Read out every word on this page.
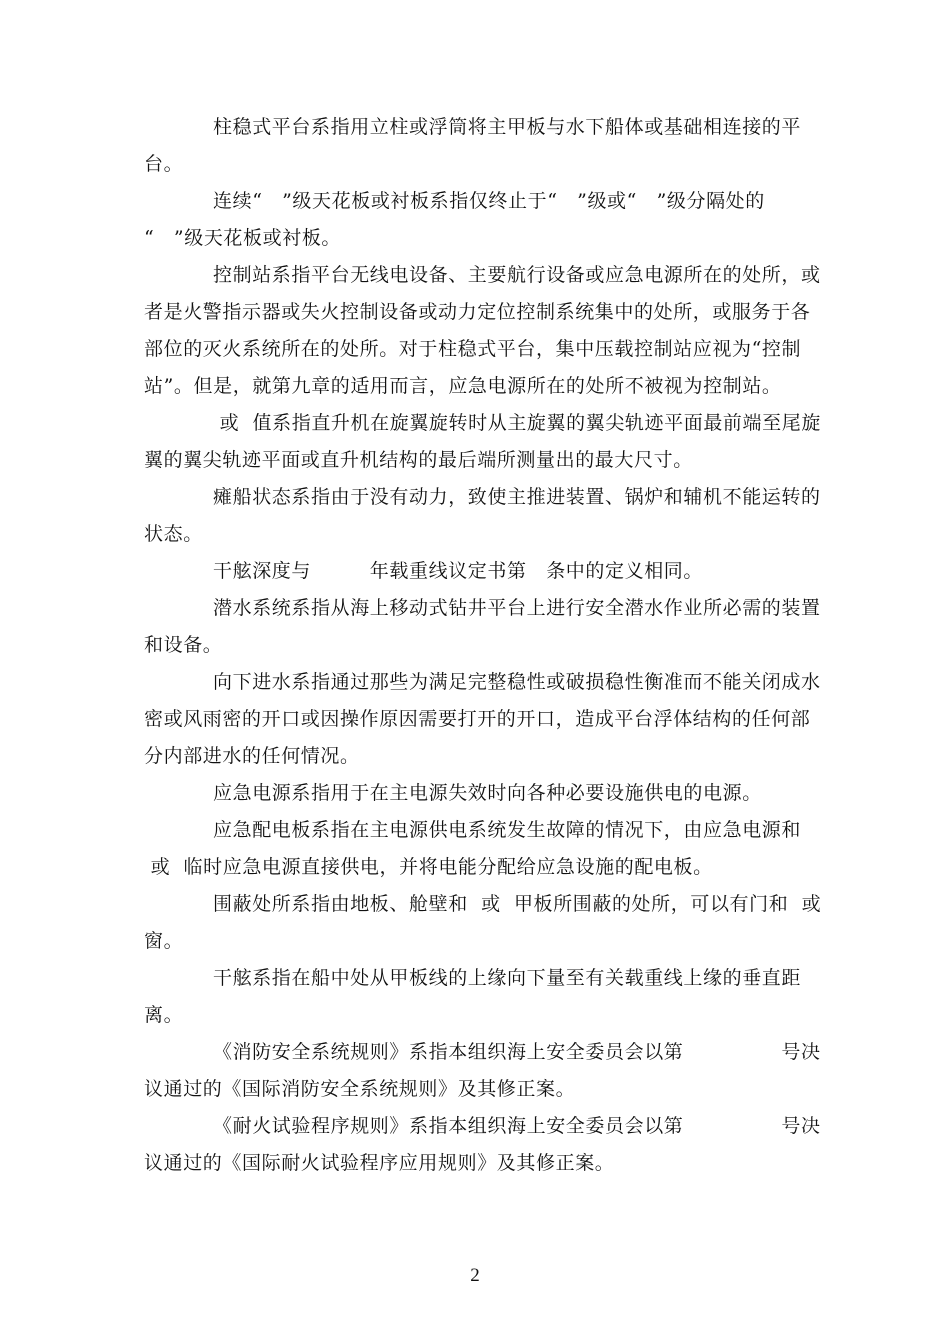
柱稳式平台系指用立柱或浮筒将主甲板与水下船体或基础相连接的平
台。
连续“　”级天花板或衬板系指仅终止于“　”级或“　”级分隔处的
“　”级天花板或衬板。
控制站系指平台无线电设备、主要航行设备或应急电源所在的处所，或
者是火警指示器或失火控制设备或动力定位控制系统集中的处所，或服务于各
部位的灭火系统所在的处所。对于柱稳式平台，集中压载控制站应视为“控制
站”。但是，就第九章的适用而言，应急电源所在的处所不被视为控制站。
或  值系指直升机在旋翼旋转时从主旋翼的翼尖轨迹平面最前端至尾旋
翼的翼尖轨迹平面或直升机结构的最后端所测量出的最大尺寸。
瘫船状态系指由于没有动力，致使主推进装置、锅炉和辅机不能运转的
状态。
干舷深度与　　　年载重线议定书第　条中的定义相同。
潜水系统系指从海上移动式钻井平台上进行安全潜水作业所必需的装置
和设备。
向下进水系指通过那些为满足完整稳性或破损稳性衡准而不能关闭成水
密或风雨密的开口或因操作原因需要打开的开口，造成平台浮体结构的任何部
分内部进水的任何情况。
应急电源系指用于在主电源失效时向各种必要设施供电的电源。
应急配电板系指在主电源供电系统发生故障的情况下，由应急电源和
或  临时应急电源直接供电，并将电能分配给应急设施的配电板。
围蔽处所系指由地板、舱壁和  或  甲板所围蔽的处所，可以有门和  或
窗。
干舷系指在船中处从甲板线的上缘向下量至有关载重线上缘的垂直距
离。
《消防安全系统规则》系指本组织海上安全委员会以第　　　　　号决
议通过的《国际消防安全系统规则》及其修正案。
《耐火试验程序规则》系指本组织海上安全委员会以第　　　　　号决
议通过的《国际耐火试验程序应用规则》及其修正案。
2
